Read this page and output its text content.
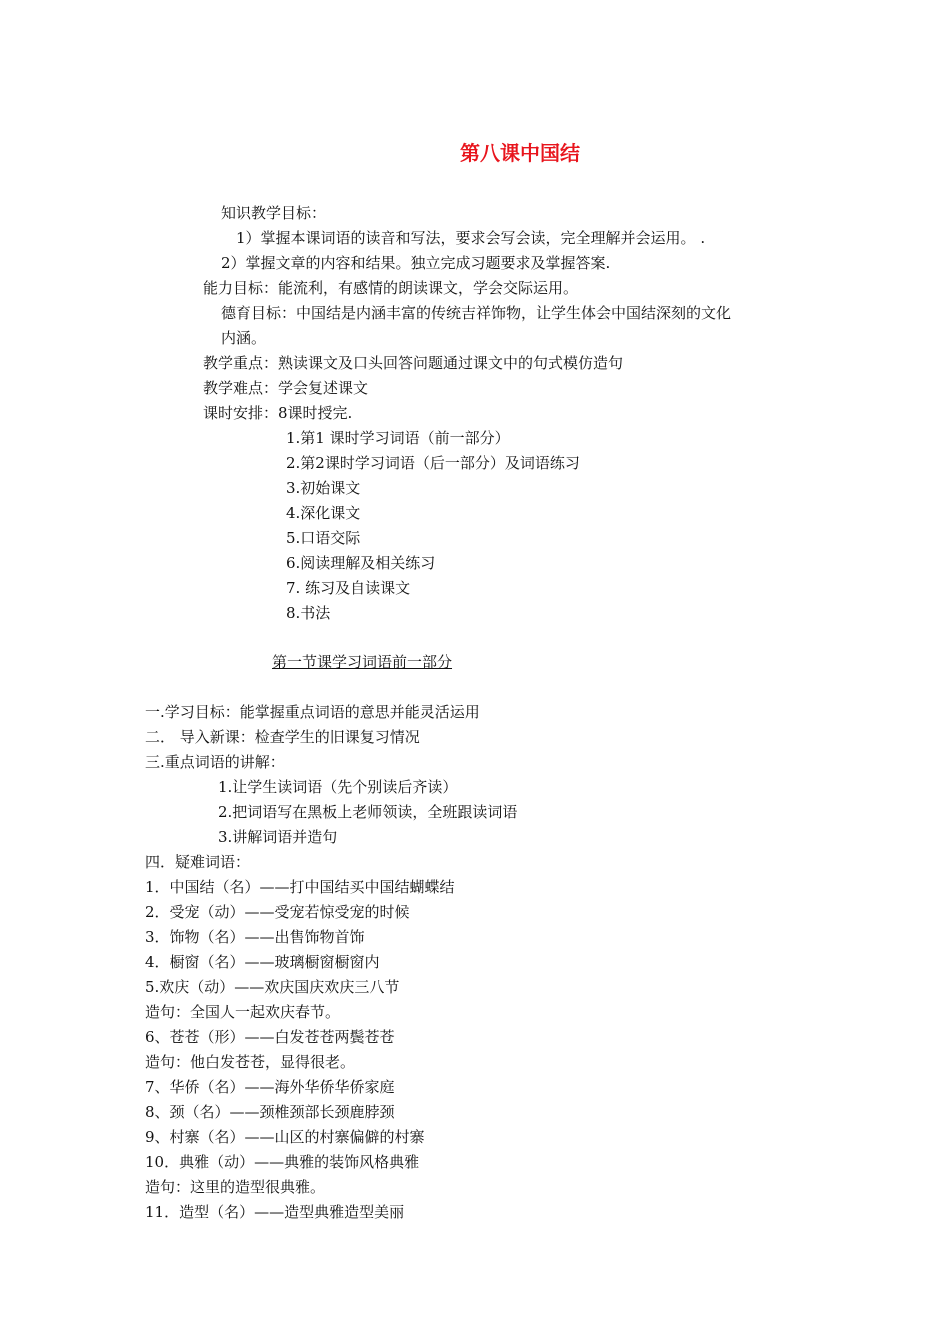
第八课中国结
知识教学目标：
1）掌握本课词语的读音和写法，要求会写会读，完全理解并会运用。 .
2）掌握文章的内容和结果。独立完成习题要求及掌握答案.
能力目标：能流利，有感情的朗读课文，学会交际运用。
德育目标：中国结是内涵丰富的传统吉祥饰物，让学生体会中国结深刻的文化
内涵。
教学重点：熟读课文及口头回答问题通过课文中的句式模仿造句
教学难点：学会复述课文
课时安排：8课时授完.
1.第1 课时学习词语（前一部分）
2.第2课时学习词语（后一部分）及词语练习
3.初始课文
4.深化课文
5.口语交际
6.阅读理解及相关练习
7. 练习及自读课文
8.书法
第一节课学习词语前一部分
一.学习目标：能掌握重点词语的意思并能灵活运用
二． 导入新课：检查学生的旧课复习情况
三.重点词语的讲解：
1.让学生读词语（先个别读后齐读）
2.把词语写在黑板上老师领读，全班跟读词语
3.讲解词语并造句
四．疑难词语：
1．中国结（名）——打中国结买中国结蝴蝶结
2．受宠（动）——受宠若惊受宠的时候
3．饰物（名）——出售饰物首饰
4．橱窗（名）——玻璃橱窗橱窗内
5.欢庆（动）——欢庆国庆欢庆三八节
造句：全国人一起欢庆春节。
6、苍苍（形）——白发苍苍两鬓苍苍
造句：他白发苍苍，显得很老。
7、华侨（名）——海外华侨华侨家庭
8、颈（名）——颈椎颈部长颈鹿脖颈
9、村寨（名）——山区的村寨偏僻的村寨
10．典雅（动）——典雅的装饰风格典雅
造句：这里的造型很典雅。
11．造型（名）——造型典雅造型美丽
